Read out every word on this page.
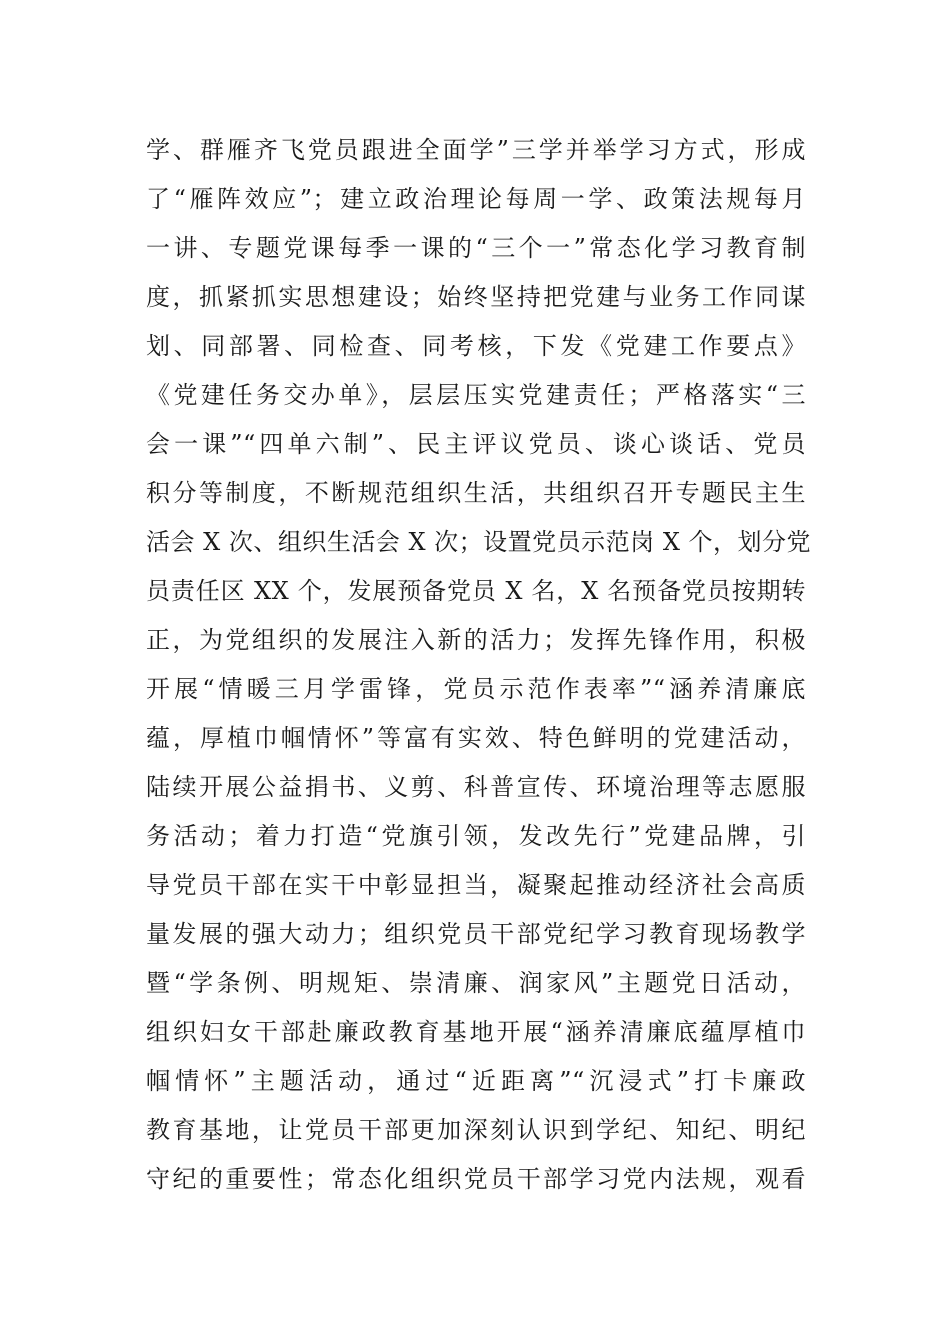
学、群雁齐飞党员跟进全面学”三学并举学习方式，形成
了“雁阵效应”；建立政治理论每周一学、政策法规每月
一讲、专题党课每季一课的“三个一”常态化学习教育制
度，抓紧抓实思想建设；始终坚持把党建与业务工作同谋
划、同部署、同检查、同考核，下发《党建工作要点》
《党建任务交办单》，层层压实党建责任；严格落实“三
会一课”“四单六制”、民主评议党员、谈心谈话、党员
积分等制度，不断规范组织生活，共组织召开专题民主生
活会 X 次、组织生活会 X 次；设置党员示范岗 X 个，划分党
员责任区 XX 个，发展预备党员 X 名，X 名预备党员按期转
正，为党组织的发展注入新的活力；发挥先锋作用，积极
开展“情暖三月学雷锋，党员示范作表率”“涵养清廉底
蕴，厚植巾帼情怀”等富有实效、特色鲜明的党建活动，
陆续开展公益捐书、义剪、科普宣传、环境治理等志愿服
务活动；着力打造“党旗引领，发改先行”党建品牌，引
导党员干部在实干中彰显担当，凝聚起推动经济社会高质
量发展的强大动力；组织党员干部党纪学习教育现场教学
暨“学条例、明规矩、崇清廉、润家风”主题党日活动，
组织妇女干部赴廉政教育基地开展“涵养清廉底蕴厚植巾
帼情怀”主题活动，通过“近距离”“沉浸式”打卡廉政
教育基地，让党员干部更加深刻认识到学纪、知纪、明纪
守纪的重要性；常态化组织党员干部学习党内法规，观看
